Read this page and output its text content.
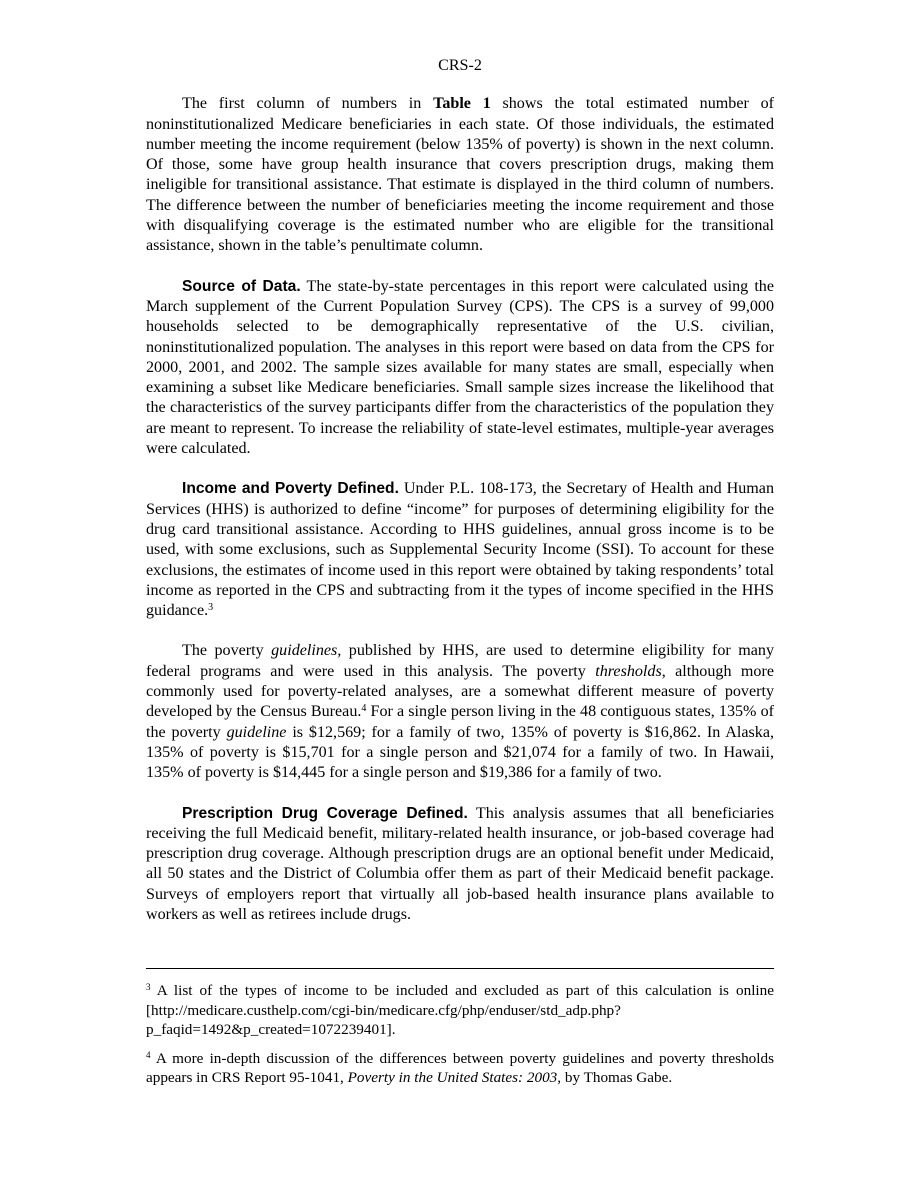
CRS-2

The first column of numbers in Table 1 shows the total estimated number of noninstitutionalized Medicare beneficiaries in each state. Of those individuals, the estimated number meeting the income requirement (below 135% of poverty) is shown in the next column. Of those, some have group health insurance that covers prescription drugs, making them ineligible for transitional assistance. That estimate is displayed in the third column of numbers. The difference between the number of beneficiaries meeting the income requirement and those with disqualifying coverage is the estimated number who are eligible for the transitional assistance, shown in the table’s penultimate column.

Source of Data. The state-by-state percentages in this report were calculated using the March supplement of the Current Population Survey (CPS). The CPS is a survey of 99,000 households selected to be demographically representative of the U.S. civilian, noninstitutionalized population. The analyses in this report were based on data from the CPS for 2000, 2001, and 2002. The sample sizes available for many states are small, especially when examining a subset like Medicare beneficiaries. Small sample sizes increase the likelihood that the characteristics of the survey participants differ from the characteristics of the population they are meant to represent. To increase the reliability of state-level estimates, multiple-year averages were calculated.

Income and Poverty Defined. Under P.L. 108-173, the Secretary of Health and Human Services (HHS) is authorized to define “income” for purposes of determining eligibility for the drug card transitional assistance. According to HHS guidelines, annual gross income is to be used, with some exclusions, such as Supplemental Security Income (SSI). To account for these exclusions, the estimates of income used in this report were obtained by taking respondents’ total income as reported in the CPS and subtracting from it the types of income specified in the HHS guidance.$^3$

The poverty guidelines, published by HHS, are used to determine eligibility for many federal programs and were used in this analysis. The poverty thresholds, although more commonly used for poverty-related analyses, are a somewhat different measure of poverty developed by the Census Bureau.$^4$ For a single person living in the 48 contiguous states, 135% of the poverty guideline is $12,569; for a family of two, 135% of poverty is $16,862. In Alaska, 135% of poverty is $15,701 for a single person and $21,074 for a family of two. In Hawaii, 135% of poverty is $14,445 for a single person and $19,386 for a family of two.

Prescription Drug Coverage Defined. This analysis assumes that all beneficiaries receiving the full Medicaid benefit, military-related health insurance, or job-based coverage had prescription drug coverage. Although prescription drugs are an optional benefit under Medicaid, all 50 states and the District of Columbia offer them as part of their Medicaid benefit package. Surveys of employers report that virtually all job-based health insurance plans available to workers as well as retirees include drugs.

$^3$ A list of the types of income to be included and excluded as part of this calculation is online [http://medicare.custhelp.com/cgi-bin/medicare.cfg/php/enduser/std_adp.php?p_faqid=1492&p_created=1072239401].

$^4$ A more in-depth discussion of the differences between poverty guidelines and poverty thresholds appears in CRS Report 95-1041, Poverty in the United States: 2003, by Thomas Gabe.
